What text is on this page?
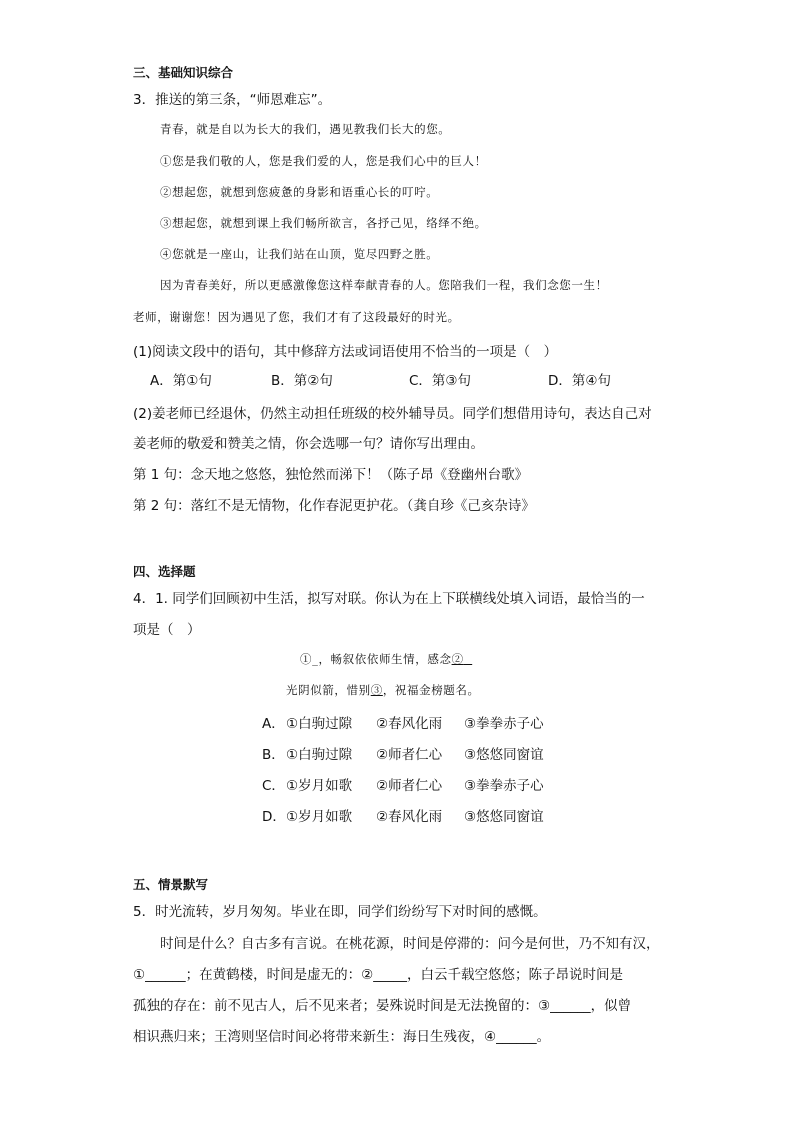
三、基础知识综合
3．推送的第三条，“师恩难忘”。
青春，就是自以为长大的我们，遇见教我们长大的您。
①您是我们敬的人，您是我们爱的人，您是我们心中的巨人！
②想起您，就想到您疲惫的身影和语重心长的叮咛。
③想起您，就想到课上我们畅所欲言，各抒己见，络绎不绝。
④您就是一座山，让我们站在山顶，览尽四野之胜。
因为青春美好，所以更感激像您这样奉献青春的人。您陪我们一程，我们念您一生！
老师，谢谢您！因为遇见了您，我们才有了这段最好的时光。
(1)阅读文段中的语句，其中修辞方法或词语使用不恰当的一项是（　）
A．第①句	B．第②句	C．第③句	D．第④句
(2)姜老师已经退休，仍然主动担任班级的校外辅导员。同学们想借用诗句，表达自己对
姜老师的敬爱和赞美之情，你会选哪一句？请你写出理由。
第 1 句：念天地之悠悠，独怆然而涕下！（陈子昂《登幽州台歌》
第 2 句：落红不是无情物，化作春泥更护花。（龚自珍《己亥杂诗》
四、选择题
4．1. 同学们回顾初中生活，拟写对联。你认为在上下联横线处填入词语，最恰当的一
项是（　）
①_，畅叙依依师生情，感念②
光阴似箭，惜别③，祝福金榜题名。
A． ①白驹过隙 ②春风化雨 ③拳拳赤子心
B． ①白驹过隙 ②师者仁心 ③悠悠同窗谊
C． ①岁月如歌 ②师者仁心 ③拳拳赤子心
D． ①岁月如歌 ②春风化雨 ③悠悠同窗谊
五、情景默写
5．时光流转，岁月匆匆。毕业在即，同学们纷纷写下对时间的感慨。
时间是什么？自古多有言说。在桃花源，时间是停滞的：问今是何世，乃不知有汉，
①______；在黄鹤楼，时间是虚无的：②_____，白云千载空悠悠；陈子昂说时间是
孤独的存在：前不见古人，后不见来者；晏殊说时间是无法挽留的：③______，似曾
相识燕归来；王湾则坚信时间必将带来新生：海日生残夜，④______。
